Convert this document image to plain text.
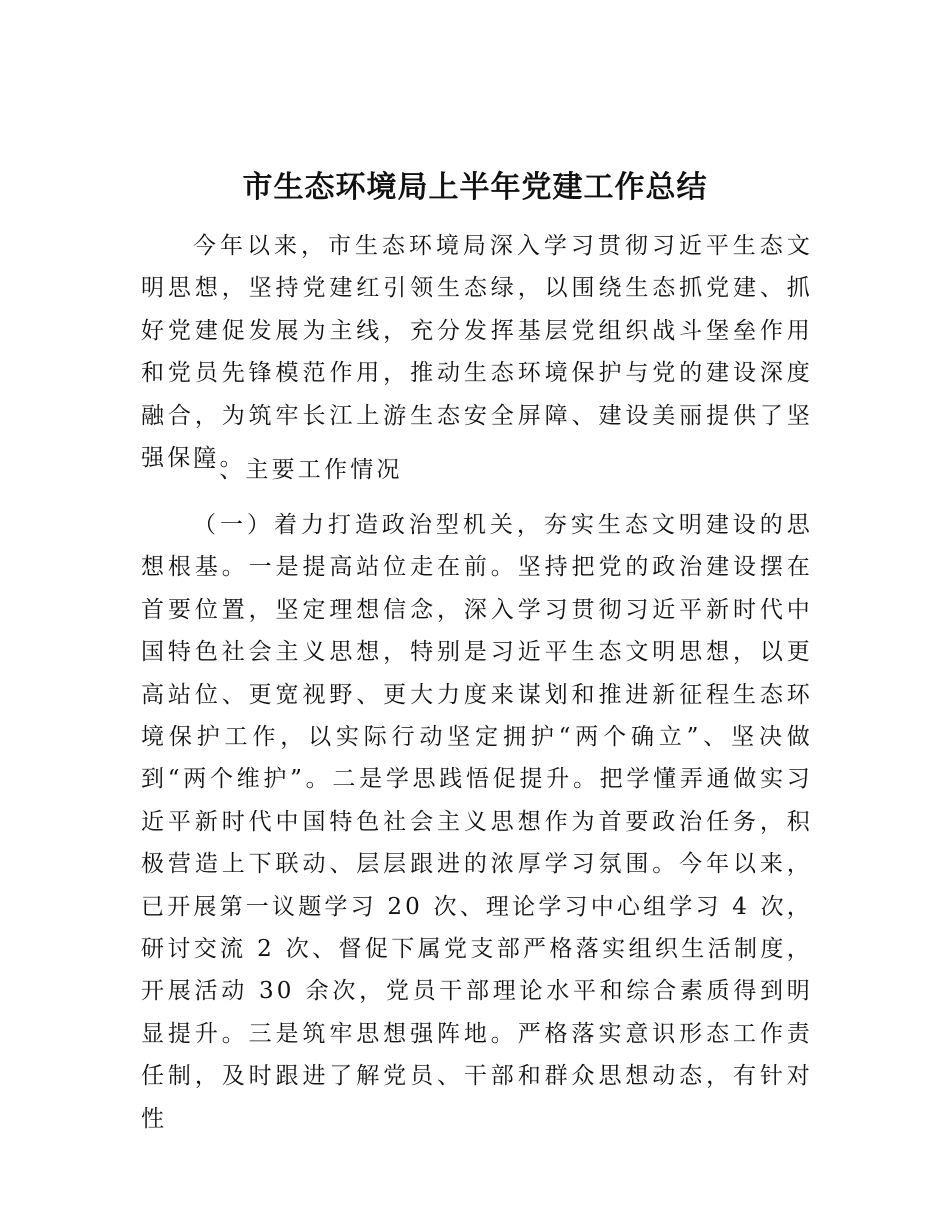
市生态环境局上半年党建工作总结

今年以来，市生态环境局深入学习贯彻习近平生态文明思想，坚持党建红引领生态绿，以围绕生态抓党建、抓好党建促发展为主线，充分发挥基层党组织战斗堡垒作用和党员先锋模范作用，推动生态环境保护与党的建设深度融合，为筑牢长江上游生态安全屏障、建设美丽提供了坚强保障。

一、主要工作情况

（一）着力打造政治型机关，夯实生态文明建设的思想根基。一是提高站位走在前。坚持把党的政治建设摆在首要位置，坚定理想信念，深入学习贯彻习近平新时代中国特色社会主义思想，特别是习近平生态文明思想，以更高站位、更宽视野、更大力度来谋划和推进新征程生态环境保护工作，以实际行动坚定拥护“两个确立”、坚决做到“两个维护”。二是学思践悟促提升。把学懂弄通做实习近平新时代中国特色社会主义思想作为首要政治任务，积极营造上下联动、层层跟进的浓厚学习氛围。今年以来，已开展第一议题学习 20 次、理论学习中心组学习 4 次，研讨交流 2 次、督促下属党支部严格落实组织生活制度，开展活动 30 余次，党员干部理论水平和综合素质得到明显提升。三是筑牢思想强阵地。严格落实意识形态工作责任制，及时跟进了解党员、干部和群众思想动态，有针对性
